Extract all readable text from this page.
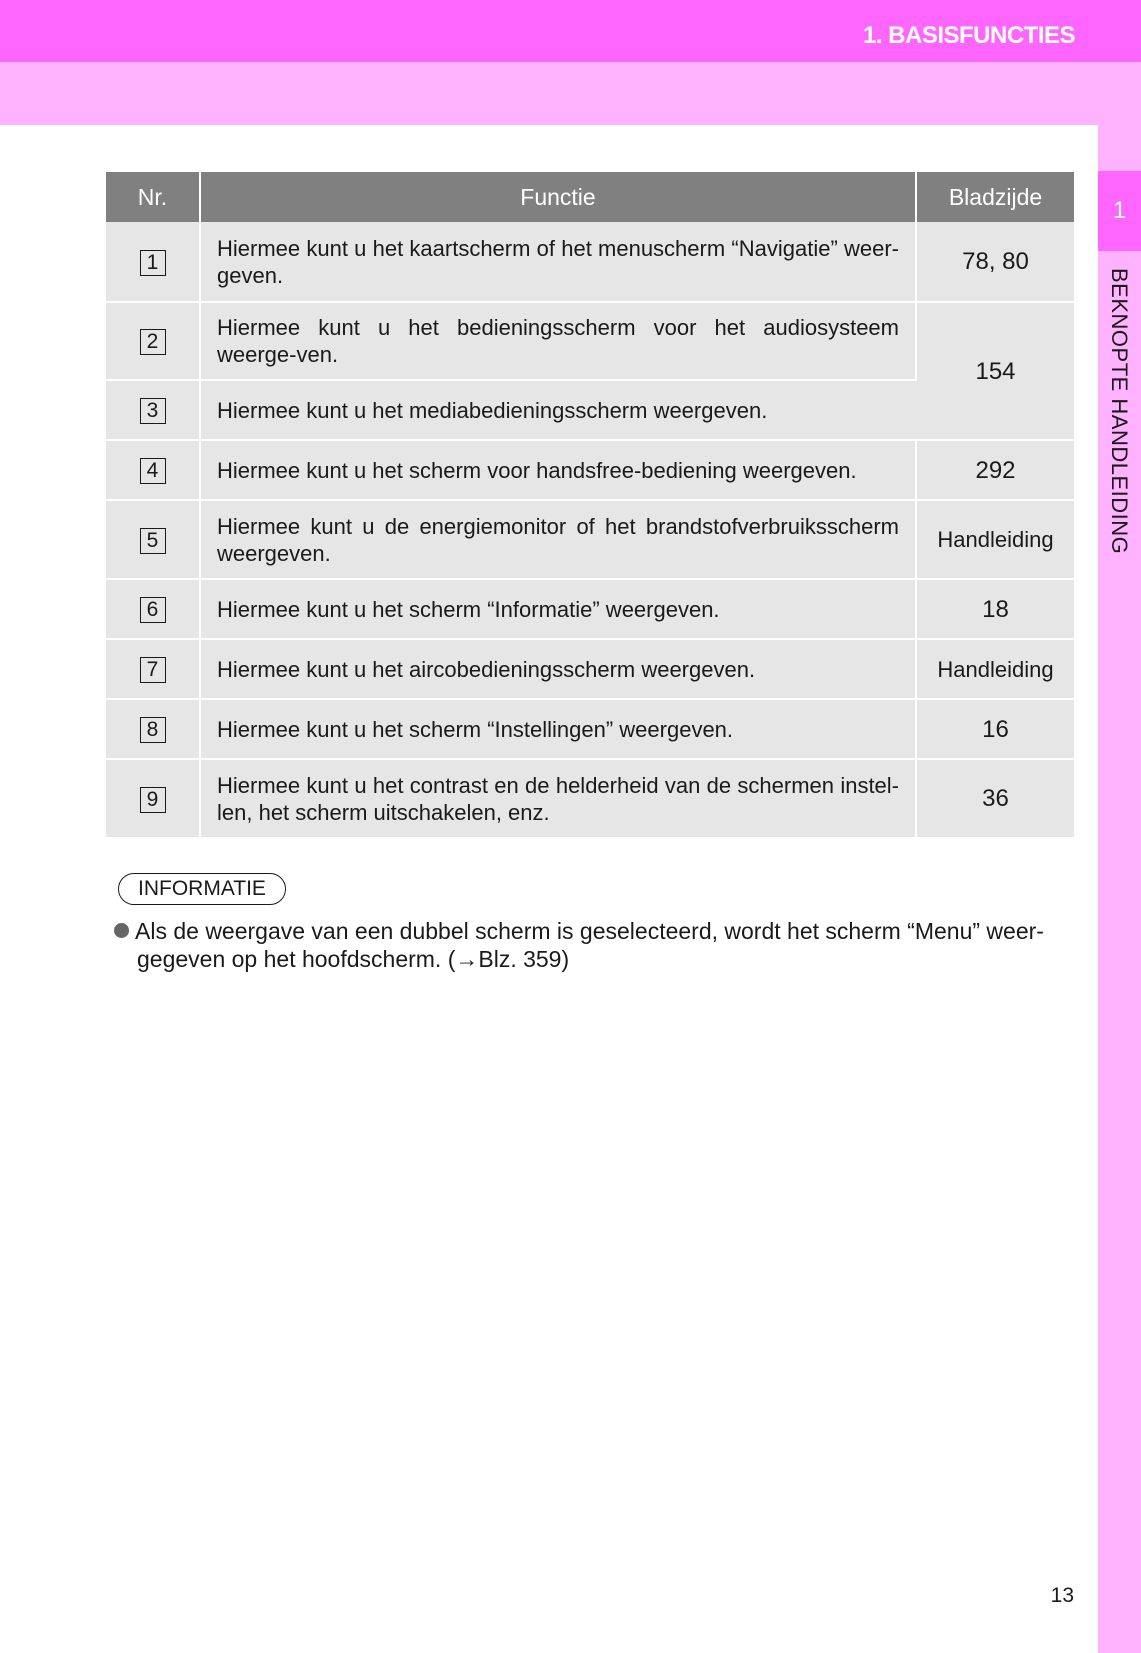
1. BASISFUNCTIES
1
BEKNOPTE HANDLEIDING
Nr.	Functie	Bladzijde
1	Hiermee kunt u het kaartscherm of het menuscherm “Navigatie” weer-geven.	78, 80
2	Hiermee kunt u het bedieningsscherm voor het audiosysteem weerge-ven.	154
3	Hiermee kunt u het mediabedieningsscherm weergeven.	
4	Hiermee kunt u het scherm voor handsfree-bediening weergeven.	292
5	Hiermee kunt u de energiemonitor of het brandstofverbruiksscherm weergeven.	Handleiding
6	Hiermee kunt u het scherm “Informatie” weergeven.	18
7	Hiermee kunt u het aircobedieningsscherm weergeven.	Handleiding
8	Hiermee kunt u het scherm “Instellingen” weergeven.	16
9	Hiermee kunt u het contrast en de helderheid van de schermen instel-len, het scherm uitschakelen, enz.	36
INFORMATIE
Als de weergave van een dubbel scherm is geselecteerd, wordt het scherm “Menu” weer-
gegeven op het hoofdscherm. (→Blz. 359)
13
